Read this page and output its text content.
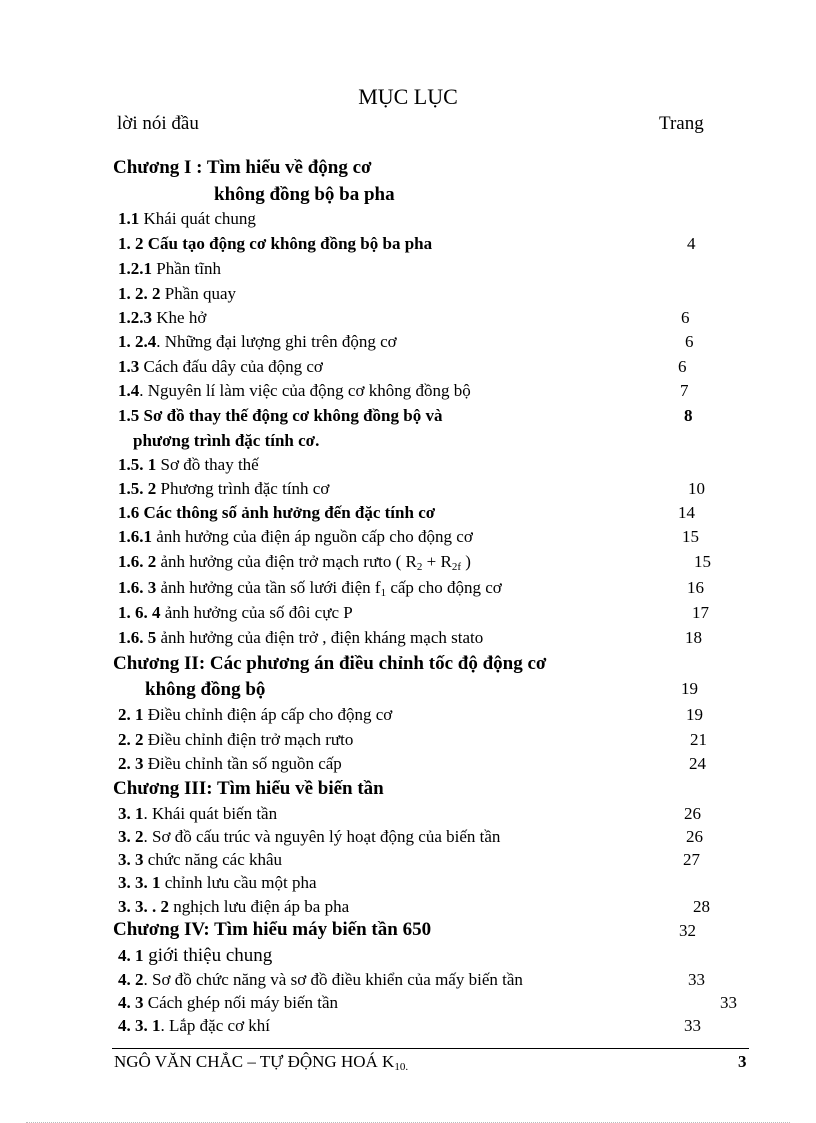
MỤC LỤC
lời nói đầu	Trang
Chương I : Tìm hiểu về động cơ
không đồng bộ ba pha
1.1 Khái quát chung
1. 2 Cấu tạo động cơ không đồng bộ ba pha	4
1.2.1 Phần tĩnh
1. 2. 2 Phần quay
1.2.3 Khe hở	6
1. 2.4. Những đại lượng ghi trên động cơ	6
1.3 Cách đấu dây của động cơ	6
1.4. Nguyên lí làm việc của động cơ không đồng bộ	7
1.5 Sơ đồ thay thế động cơ không đồng bộ và	8
phương trình đặc tính cơ.
1.5. 1 Sơ đồ thay thế
1.5. 2 Phương trình đặc tính cơ	10
1.6 Các thông số ảnh hưởng đến đặc tính cơ	14
1.6.1 ảnh hưởng của điện áp nguồn cấp cho động cơ	15
1.6. 2 ảnh hưởng của điện trở mạch rưto ( $R_2 + R_{2f}$ )	15
1.6. 3 ảnh hưởng của tần số lưới điện $f_1$ cấp cho động cơ	16
1. 6. 4 ảnh hưởng của số đôi cực P	17
1.6. 5 ảnh hưởng của điện trở , điện kháng mạch stato	18
Chương II: Các phương án điều chỉnh tốc độ động cơ
không đồng bộ	19
2. 1 Điều chỉnh điện áp cấp cho động cơ	19
2. 2 Điều chỉnh điện trở mạch rưto	21
2. 3 Điều chỉnh tần số nguồn cấp	24
Chương III: Tìm hiểu về biến tần
3. 1. Khái quát biến tần	26
3. 2. Sơ đồ cấu trúc và nguyên lý hoạt động của biến tần	26
3. 3 chức năng các khâu	27
3. 3. 1 chỉnh lưu cầu một pha
3. 3. . 2 nghịch lưu điện áp ba pha	28
Chương IV: Tìm hiểu máy biến tần 650	32
4. 1 giới thiệu chung
4. 2. Sơ đồ chức năng và sơ đồ điều khiển của mấy biến tần	33
4. 3 Cách ghép nối máy biến tần	33
4. 3. 1. Lắp đặc cơ khí	33
NGÔ VĂN CHẮC – TỰ ĐỘNG HOÁ $K_{10.}$	3
